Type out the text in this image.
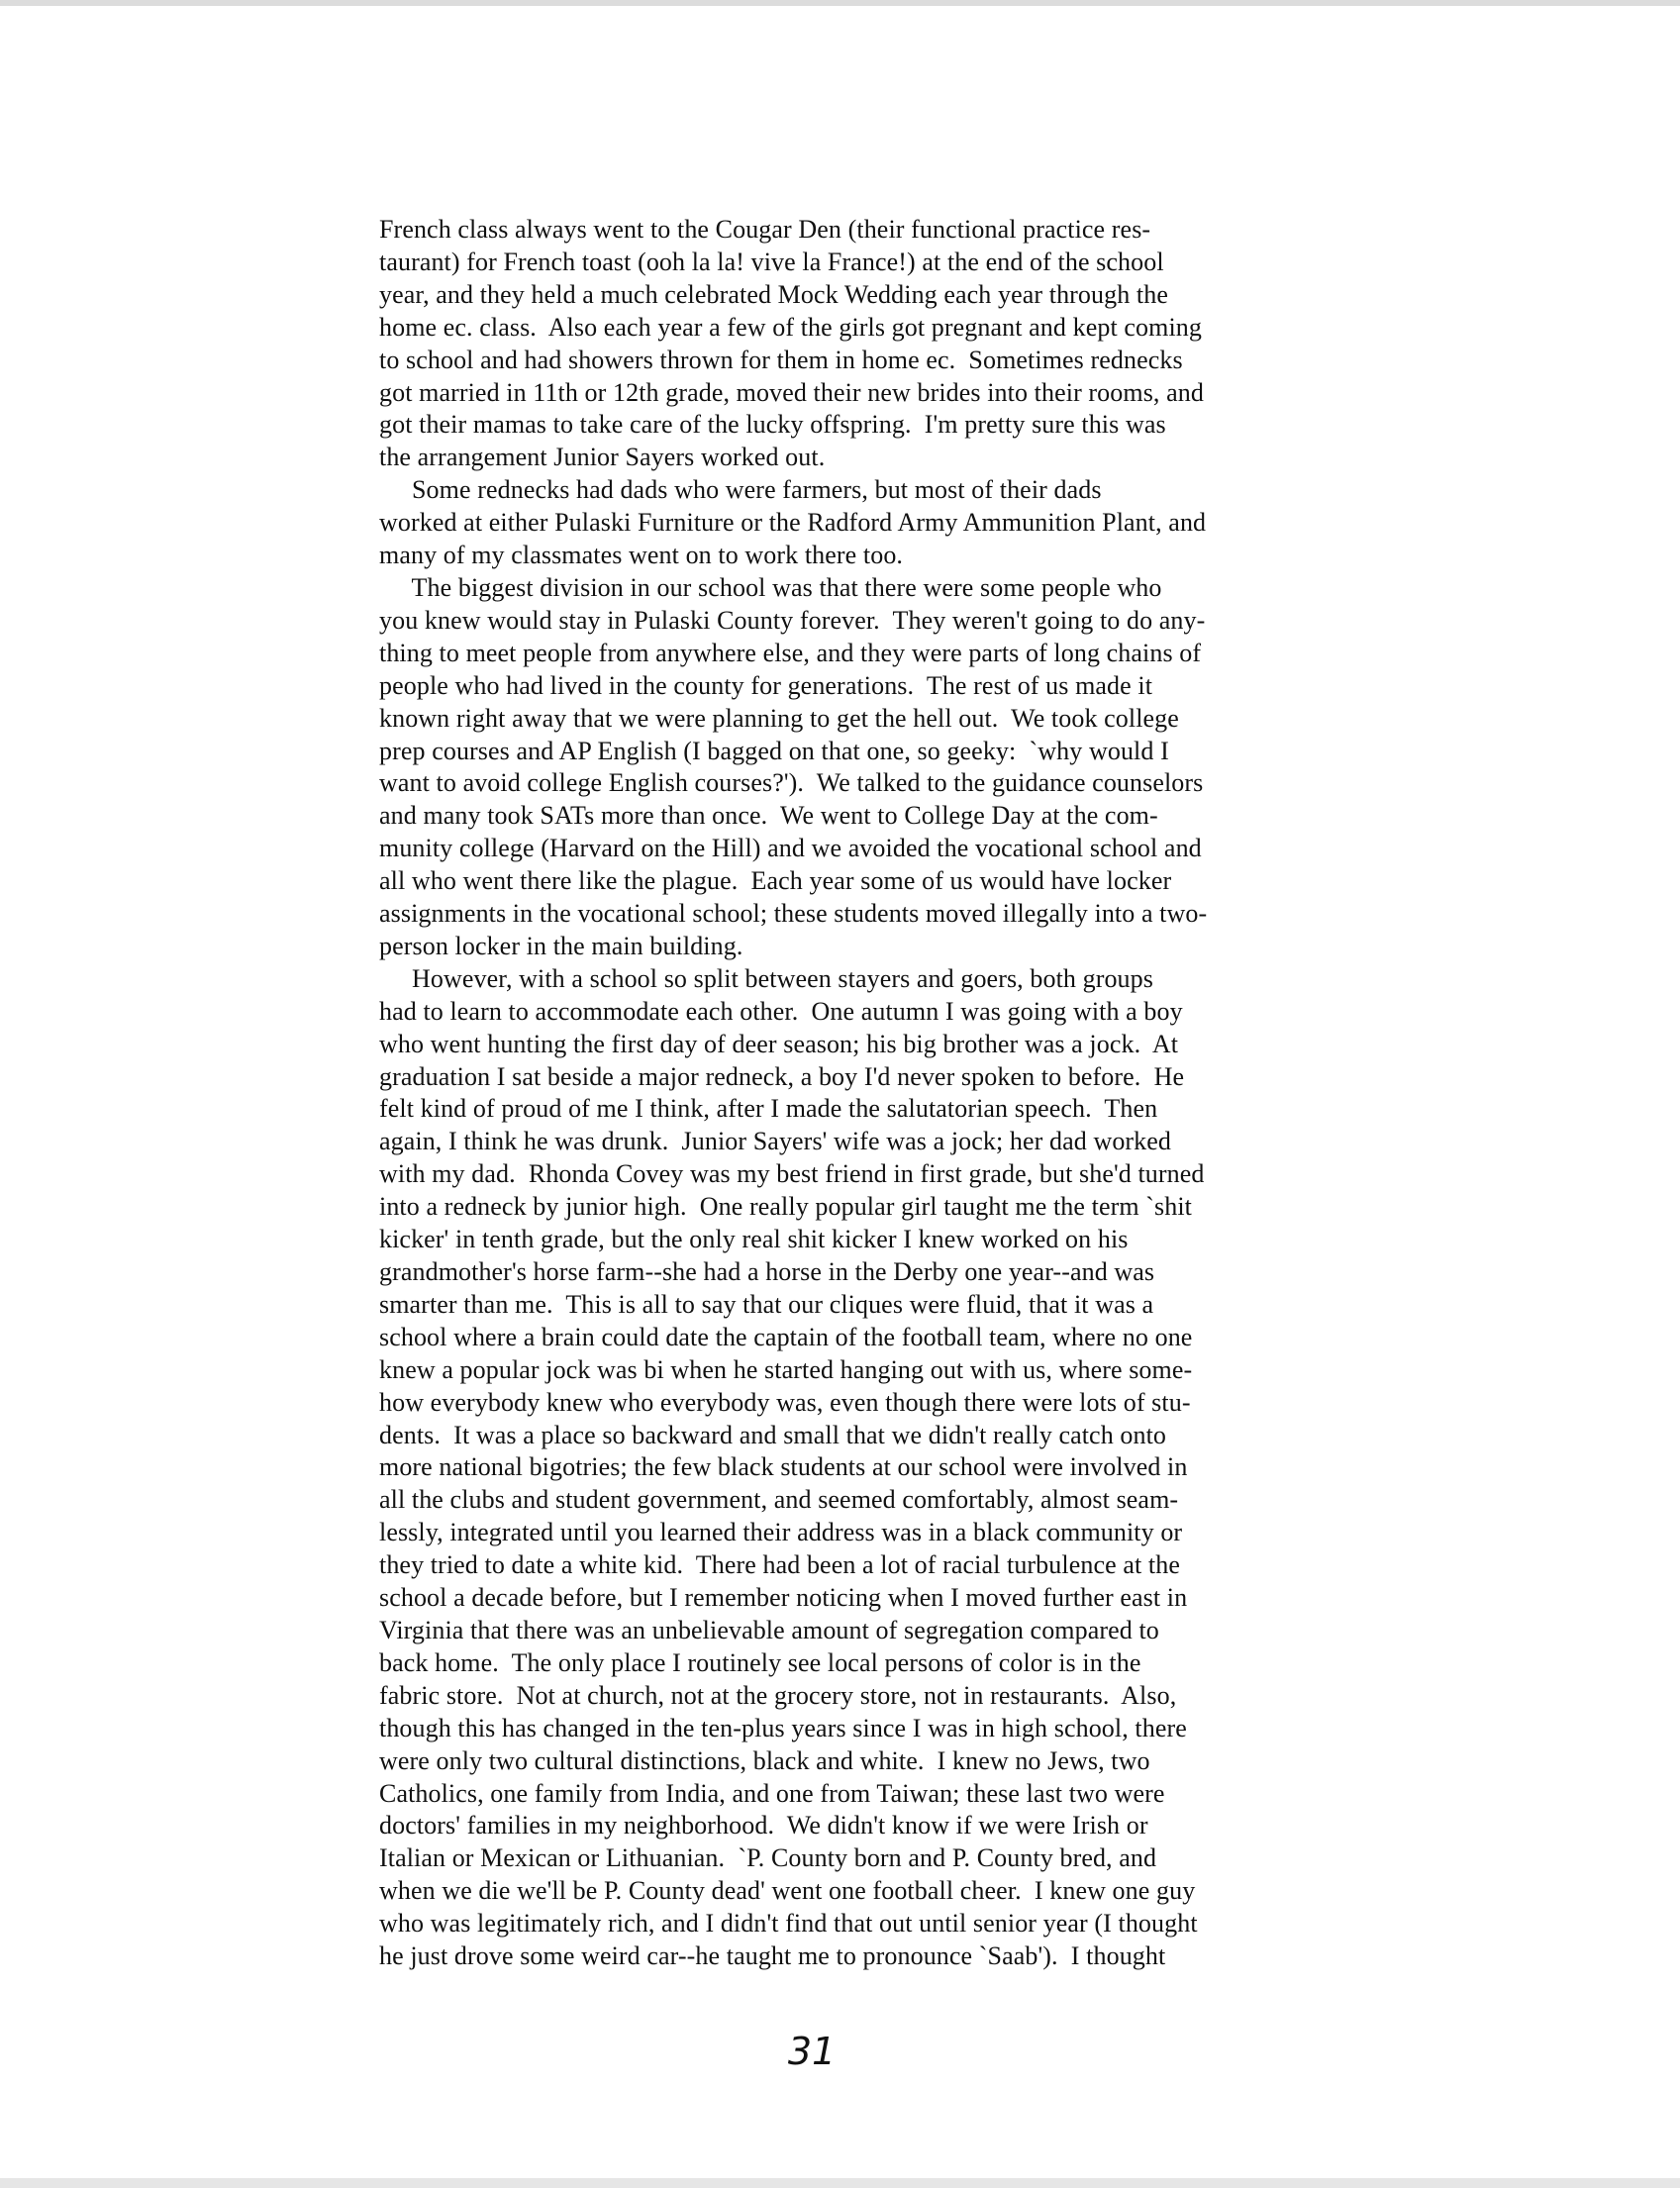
French class always went to the Cougar Den (their functional practice res-
taurant) for French toast (ooh la la! vive la France!) at the end of the school
year, and they held a much celebrated Mock Wedding each year through the
home ec. class.  Also each year a few of the girls got pregnant and kept coming
to school and had showers thrown for them in home ec.  Sometimes rednecks
got married in 11th or 12th grade, moved their new brides into their rooms, and
got their mamas to take care of the lucky offspring.  I'm pretty sure this was
the arrangement Junior Sayers worked out.
Some rednecks had dads who were farmers, but most of their dads
worked at either Pulaski Furniture or the Radford Army Ammunition Plant, and
many of my classmates went on to work there too.
The biggest division in our school was that there were some people who
you knew would stay in Pulaski County forever.  They weren't going to do any-
thing to meet people from anywhere else, and they were parts of long chains of
people who had lived in the county for generations.  The rest of us made it
known right away that we were planning to get the hell out.  We took college
prep courses and AP English (I bagged on that one, so geeky:  `why would I
want to avoid college English courses?').  We talked to the guidance counselors
and many took SATs more than once.  We went to College Day at the com-
munity college (Harvard on the Hill) and we avoided the vocational school and
all who went there like the plague.  Each year some of us would have locker
assignments in the vocational school; these students moved illegally into a two-
person locker in the main building.
However, with a school so split between stayers and goers, both groups
had to learn to accommodate each other.  One autumn I was going with a boy
who went hunting the first day of deer season; his big brother was a jock.  At
graduation I sat beside a major redneck, a boy I'd never spoken to before.  He
felt kind of proud of me I think, after I made the salutatorian speech.  Then
again, I think he was drunk.  Junior Sayers' wife was a jock; her dad worked
with my dad.  Rhonda Covey was my best friend in first grade, but she'd turned
into a redneck by junior high.  One really popular girl taught me the term `shit
kicker' in tenth grade, but the only real shit kicker I knew worked on his
grandmother's horse farm--she had a horse in the Derby one year--and was
smarter than me.  This is all to say that our cliques were fluid, that it was a
school where a brain could date the captain of the football team, where no one
knew a popular jock was bi when he started hanging out with us, where some-
how everybody knew who everybody was, even though there were lots of stu-
dents.  It was a place so backward and small that we didn't really catch onto
more national bigotries; the few black students at our school were involved in
all the clubs and student government, and seemed comfortably, almost seam-
lessly, integrated until you learned their address was in a black community or
they tried to date a white kid.  There had been a lot of racial turbulence at the
school a decade before, but I remember noticing when I moved further east in
Virginia that there was an unbelievable amount of segregation compared to
back home.  The only place I routinely see local persons of color is in the
fabric store.  Not at church, not at the grocery store, not in restaurants.  Also,
though this has changed in the ten-plus years since I was in high school, there
were only two cultural distinctions, black and white.  I knew no Jews, two
Catholics, one family from India, and one from Taiwan; these last two were
doctors' families in my neighborhood.  We didn't know if we were Irish or
Italian or Mexican or Lithuanian.  `P. County born and P. County bred, and
when we die we'll be P. County dead' went one football cheer.  I knew one guy
who was legitimately rich, and I didn't find that out until senior year (I thought
he just drove some weird car--he taught me to pronounce `Saab').  I thought

31
